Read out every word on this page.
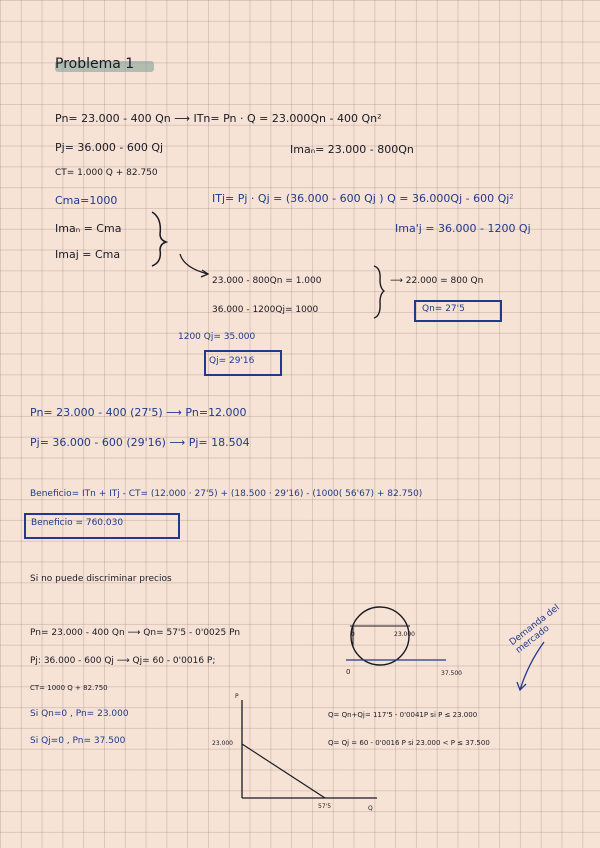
Problema 1
Pn= 23.000 - 400 Qn ⟶ ITn= Pn · Q = 23.000Qn - 400 Qn²
Pj= 36.000 - 600 Qj	Imaₙ= 23.000 - 800Qn
CT= 1.000 Q + 82.750
Cma=1000	ITj= Pj · Qj = (36.000 - 600 Qj ) Q = 36.000Qj - 600 Qj²
Imaₙ = Cma	Ima'j = 36.000 - 1200 Qj
Imaj = Cma
23.000 - 800Qn = 1.000	⟶ 22.000 = 800 Qn
36.000 - 1200Qj= 1000	Qn= 27'5
1200 Qj= 35.000
Qj= 29'16
Pn= 23.000 - 400 (27'5) ⟶ Pn=12.000
Pj= 36.000 - 600 (29'16) ⟶ Pj= 18.504
Beneficio= ITn + ITj - CT= (12.000 · 27'5) + (18.500 · 29'16) - (1000( 56'67) + 82.750)
Beneficio = 760.030
Si no puede discriminar precios
Pn= 23.000 - 400 Qn ⟶ Qn= 57'5 - 0'0025 Pn
Pj: 36.000 - 600 Qj ⟶ Qj= 60 - 0'0016 P;
CT= 1000 Q + 82.750
Si Qn=0 , Pn= 23.000
Si Qj=0 , Pn= 37.500
0	23.000
0	37.500
Demanda del mercado
Q= Qn+Qj= 117'5 - 0'0041P si P ≤ 23.000
Q= Qj = 60 - 0'0016 P si 23.000 < P ≤ 37.500
P
Q
23.000
57'5
